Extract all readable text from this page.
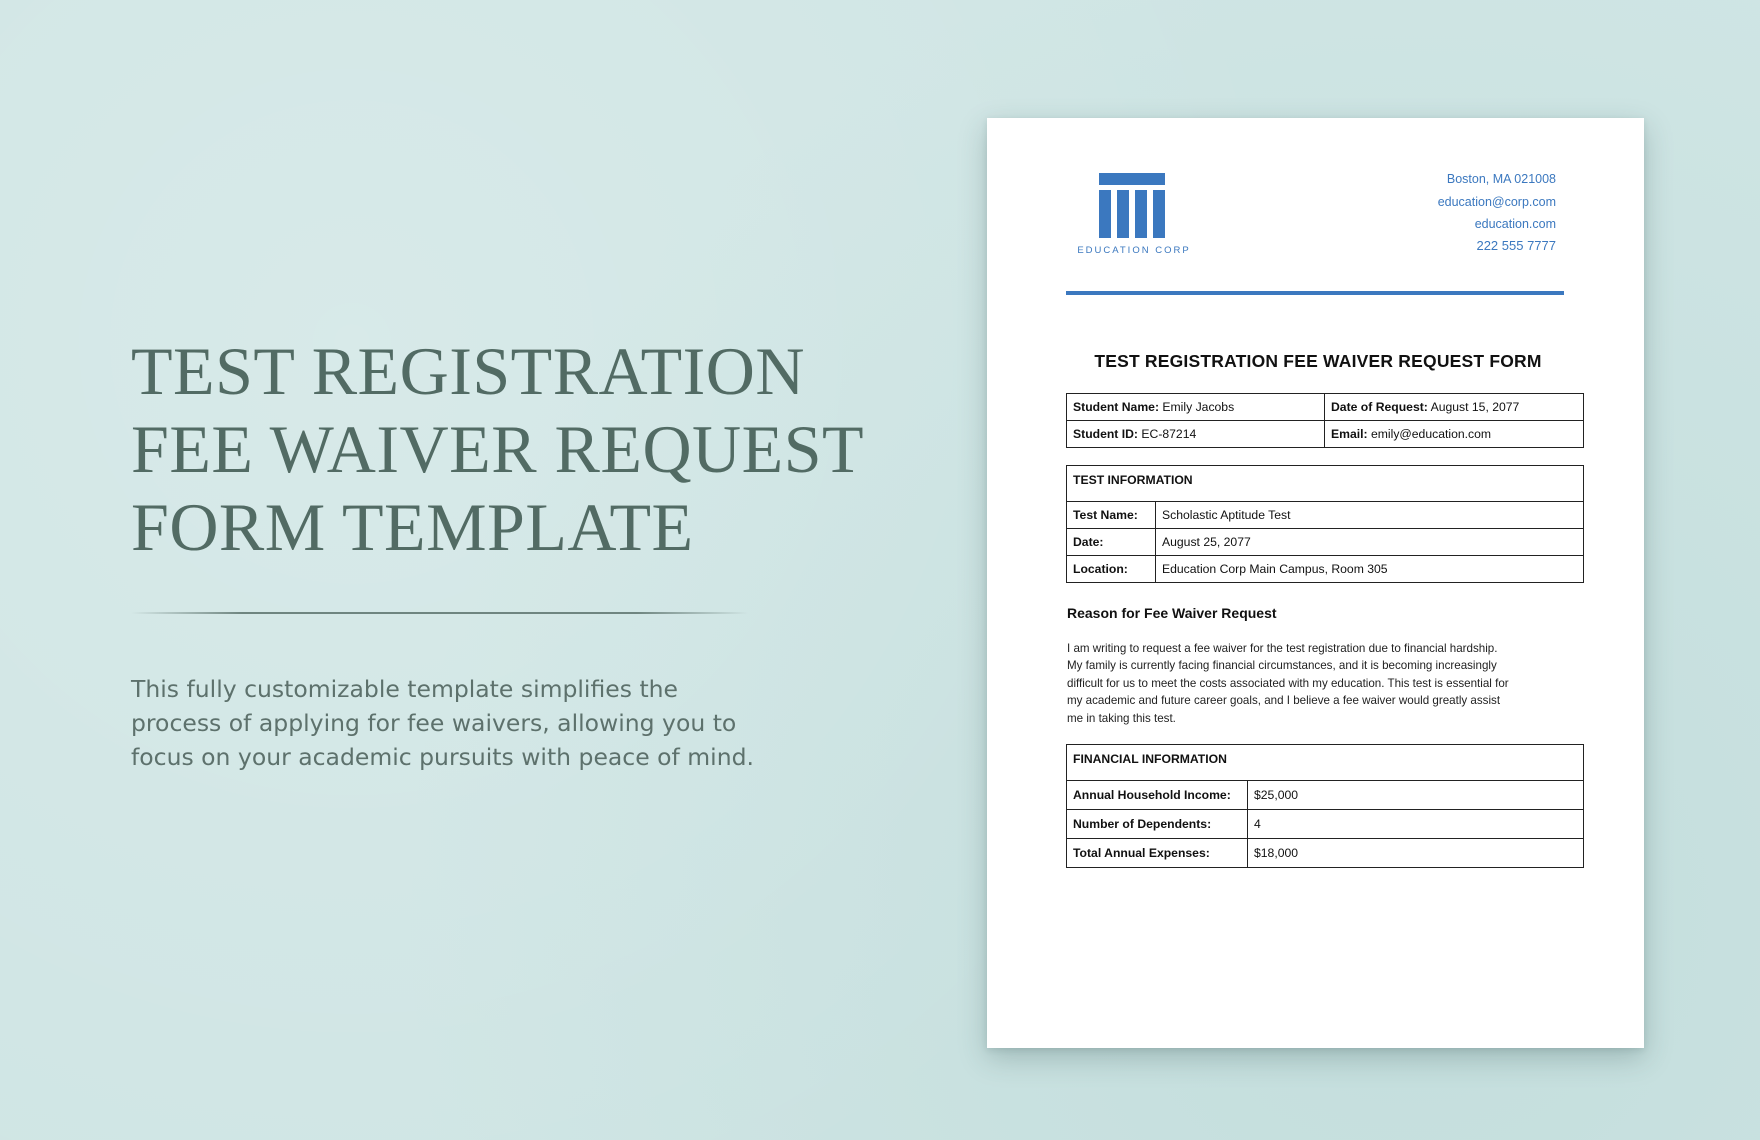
TEST REGISTRATION
FEE WAIVER REQUEST
FORM TEMPLATE
This fully customizable template simplifies the
process of applying for fee waivers, allowing you to
focus on your academic pursuits with peace of mind.
EDUCATION CORP
Boston, MA 021008
education@corp.com
education.com
222 555 7777
TEST REGISTRATION FEE WAIVER REQUEST FORM
Student Name: Emily Jacobs	Date of Request: August 15, 2077
Student ID: EC-87214	Email: emily@education.com
TEST INFORMATION	
Test Name:	Scholastic Aptitude Test
Date:	August 25, 2077
Location:	Education Corp Main Campus, Room 305
Reason for Fee Waiver Request
I am writing to request a fee waiver for the test registration due to financial hardship.
My family is currently facing financial circumstances, and it is becoming increasingly
difficult for us to meet the costs associated with my education. This test is essential for
my academic and future career goals, and I believe a fee waiver would greatly assist
me in taking this test.
FINANCIAL INFORMATION	
Annual Household Income:	$25,000
Number of Dependents:	4
Total Annual Expenses:	$18,000
